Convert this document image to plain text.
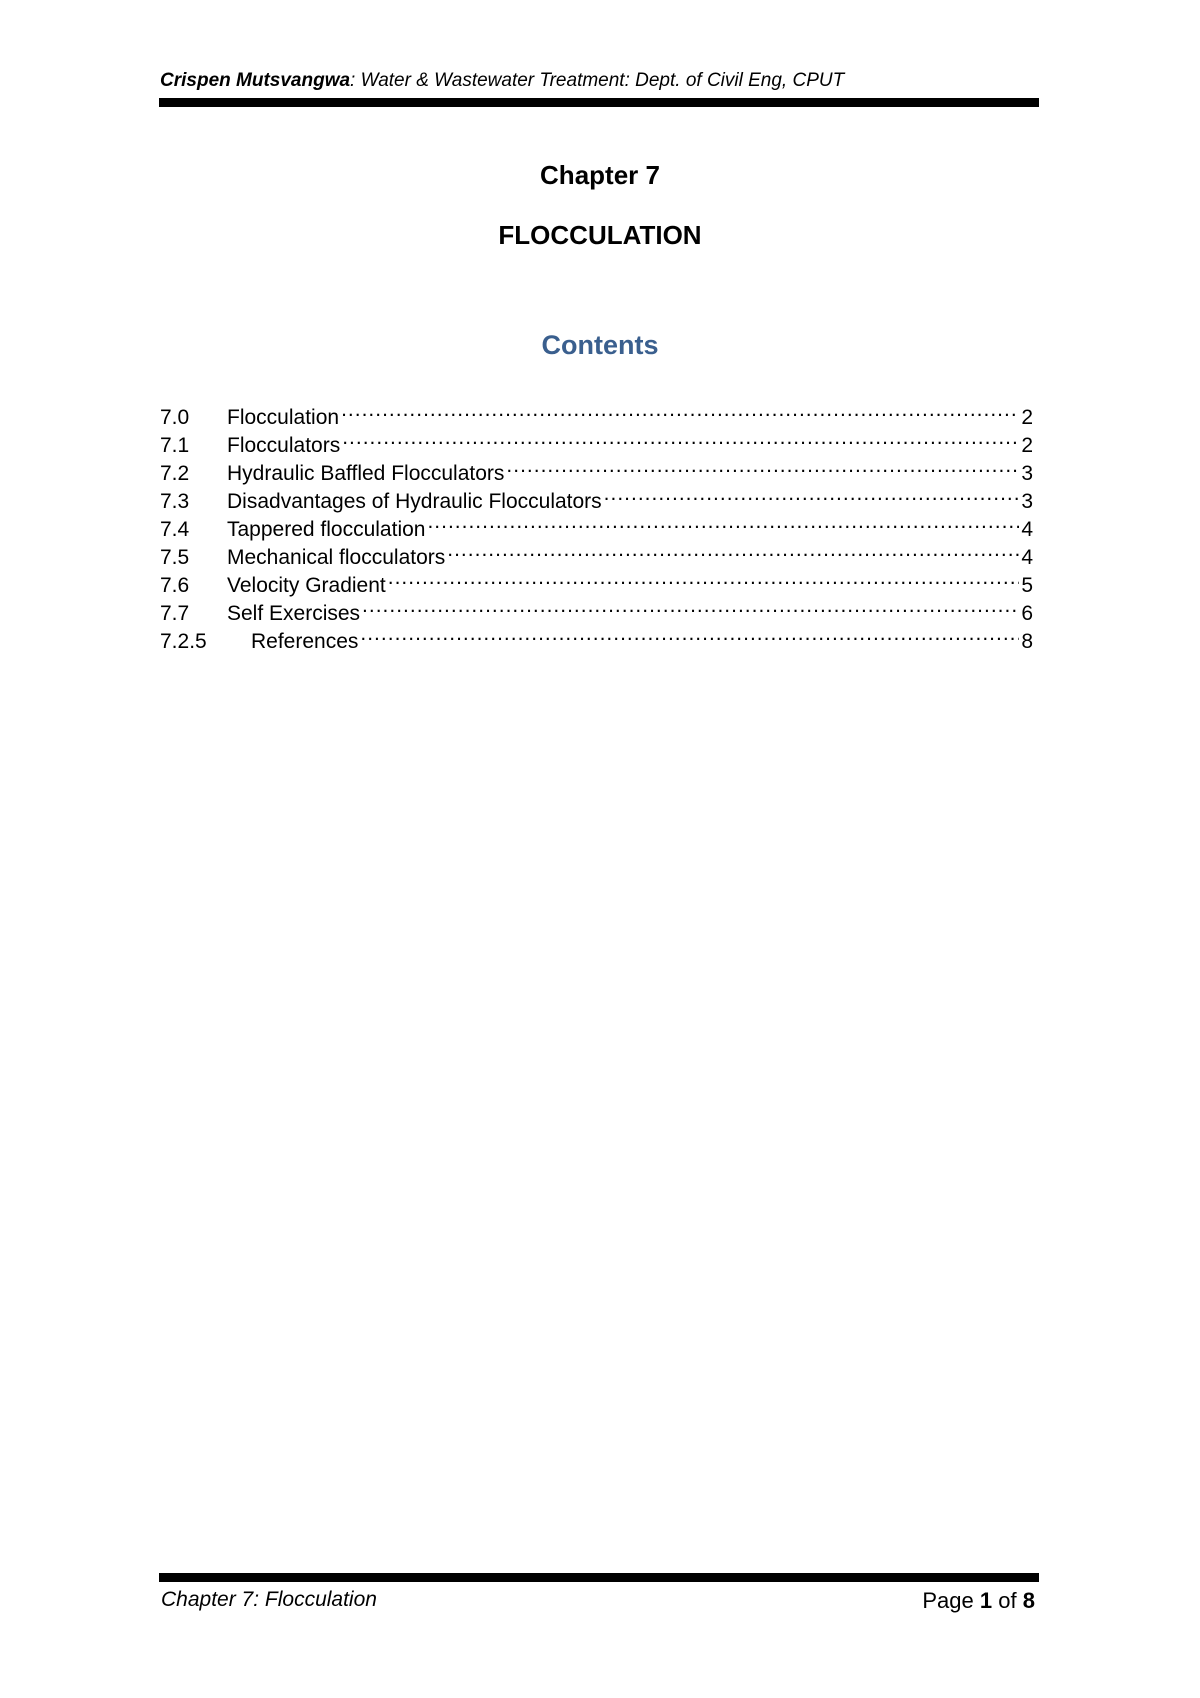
Crispen Mutsvangwa: Water & Wastewater Treatment: Dept. of Civil Eng, CPUT
Chapter 7
FLOCCULATION
Contents
7.0	Flocculation .....	2
7.1	Flocculators .....	2
7.2	Hydraulic Baffled Flocculators .....	3
7.3	Disadvantages of Hydraulic Flocculators .....	3
7.4	Tappered flocculation .....	4
7.5	Mechanical flocculators .....	4
7.6	Velocity Gradient .....	5
7.7	Self Exercises .....	6
7.2.5	References .....	8
Chapter 7: Flocculation	Page 1 of 8
